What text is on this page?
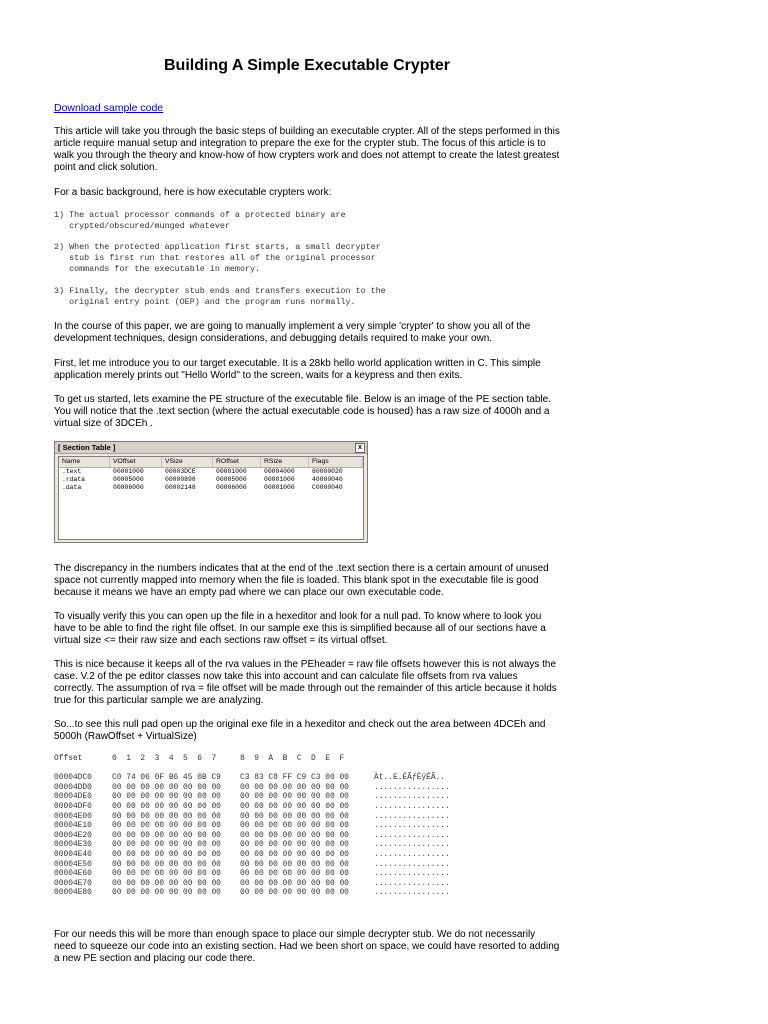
Building A Simple Executable Crypter
Download sample code

This article will take you through the basic steps of building an executable crypter. All of the steps performed in this article require manual setup and integration to prepare the exe for the crypter stub. The focus of this article is to walk you through the theory and know-how of how crypters work and does not attempt to create the latest greatest point and click solution.

For a basic background, here is how executable crypters work:

1) The actual processor commands of a protected binary are
crypted/obscured/munged whatever
2) When the protected application first starts, a small decrypter
stub is first run that restores all of the original processor
commands for the executable in memory.
3) Finally, the decrypter stub ends and transfers execution to the
original entry point (OEP) and the program runs normally.

In the course of this paper, we are going to manually implement a very simple 'crypter' to show you all of the development techniques, design considerations, and debugging details required to make your own.

First, let me introduce you to our target executable. It is a 28kb hello world application written in C. This simple application merely prints out "Hello World" to the screen, waits for a keypress and then exits.

To get us started, lets examine the PE structure of the executable file. Below is an image of the PE section table. You will notice that the .text section (where the actual executable code is housed) has a raw size of 4000h and a virtual size of 3DCEh .

[ Section Table ]	x
Name	VOffset	VSize	ROffset	RSize	Flags
.text	00001000	00003DCE	00001000	00004000	60000020
.rdata	00005000	00000898	00005000	00001000	40000040
.data	00006000	00002148	00006000	00001000	C0000040

The discrepancy in the numbers indicates that at the end of the .text section there is a certain amount of unused space not currently mapped into memory when the file is loaded. This blank spot in the executable file is good because it means we have an empty pad where we can place our own executable code.

To visually verify this you can open up the file in a hexeditor and look for a null pad. To know where to look you have to be able to find the right file offset. In our sample exe this is simplified because all of our sections have a virtual size <= their raw size and each sections raw offset = its virtual offset.

This is nice because it keeps all of the rva values in the PEheader = raw file offsets however this is not always the case. V.2 of the pe editor classes now take this into account and can calculate file offsets from rva values correctly. The assumption of rva = file offset will be made through out the remainder of this article because it holds true for this particular sample we are analyzing.

So...to see this null pad open up the original exe file in a hexeditor and check out the area between 4DCEh and 5000h (RawOffset + VirtualSize)

Offset	0  1  2  3  4  5  6  7	8  9  A  B  C  D  E  F
00004DC0	C0 74 06 0F B6 45 0B C9	C3 83 C8 FF C9 C3 00 00	Àt..E.ÉÃƒÈÿÉÃ..
00004DD0	00 00 00 00 00 00 00 00	00 00 00 00 00 00 00 00	................
00004DE0	00 00 00 00 00 00 00 00	00 00 00 00 00 00 00 00	................
00004DF0	00 00 00 00 00 00 00 00	00 00 00 00 00 00 00 00	................
00004E00	00 00 00 00 00 00 00 00	00 00 00 00 00 00 00 00	................
00004E10	00 00 00 00 00 00 00 00	00 00 00 00 00 00 00 00	................
00004E20	00 00 00 00 00 00 00 00	00 00 00 00 00 00 00 00	................
00004E30	00 00 00 00 00 00 00 00	00 00 00 00 00 00 00 00	................
00004E40	00 00 00 00 00 00 00 00	00 00 00 00 00 00 00 00	................
00004E50	00 00 00 00 00 00 00 00	00 00 00 00 00 00 00 00	................
00004E60	00 00 00 00 00 00 00 00	00 00 00 00 00 00 00 00	................
00004E70	00 00 00 00 00 00 00 00	00 00 00 00 00 00 00 00	................
00004E80	00 00 00 00 00 00 00 00	00 00 00 00 00 00 00 00	................

For our needs this will be more than enough space to place our simple decrypter stub. We do not necessarily need to squeeze our code into an existing section. Had we been short on space, we could have resorted to adding a new PE section and placing our code there.
